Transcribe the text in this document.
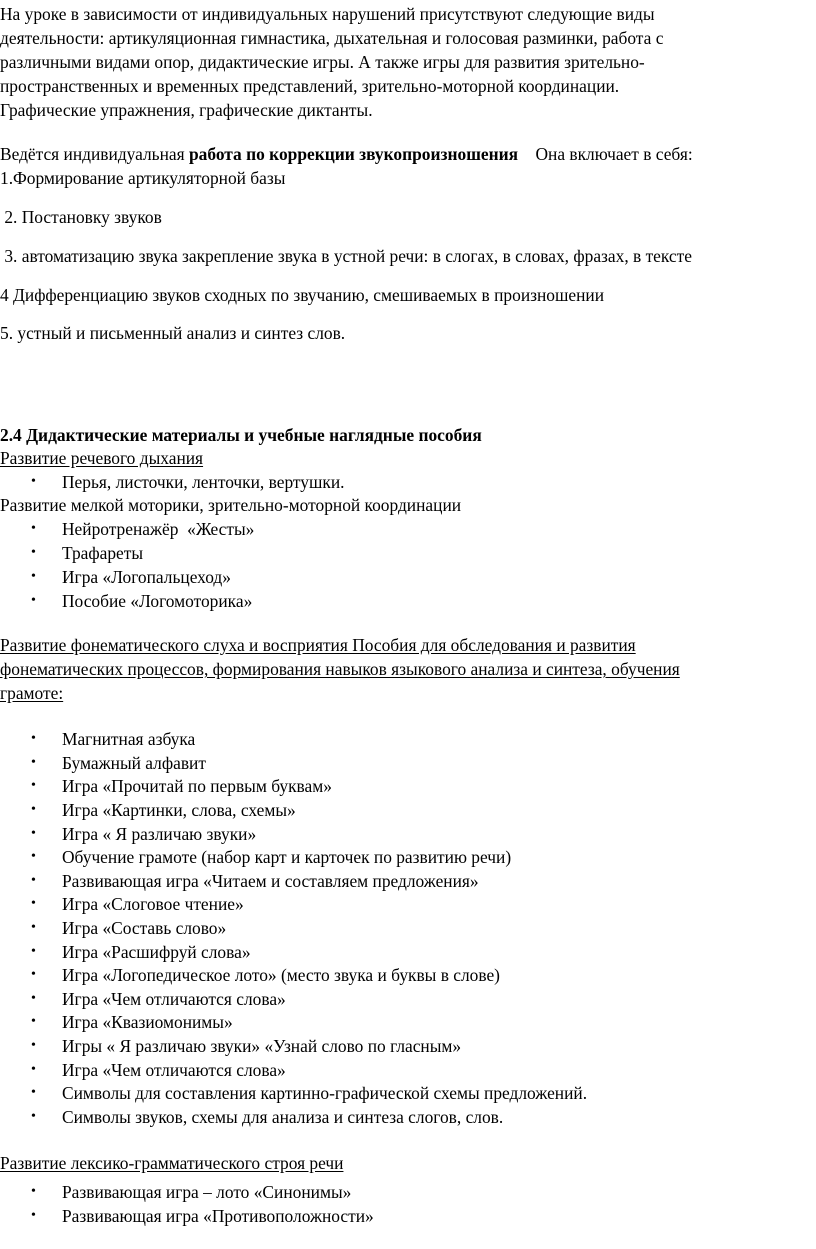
На уроке в зависимости от индивидуальных нарушений присутствуют следующие виды
деятельности: артикуляционная гимнастика, дыхательная и голосовая разминки, работа с
различными видами опор, дидактические игры. А также игры для развития зрительно-
пространственных и временных представлений, зрительно-моторной координации.
Графические упражнения, графические диктанты.
Ведётся индивидуальная работа по коррекции звукопроизношения    Она включает в себя:
1.Формирование артикуляторной базы
2. Постановку звуков
3. автоматизацию звука закрепление звука в устной речи: в слогах, в словах, фразах, в тексте
4 Дифференциацию звуков сходных по звучанию, смешиваемых в произношении
5. устный и письменный анализ и синтез слов.
2.4 Дидактические материалы и учебные наглядные пособия
Развитие речевого дыхания
• Перья, листочки, ленточки, вертушки.
Развитие мелкой моторики, зрительно-моторной координации
• Нейротренажёр  «Жесты»
• Трафареты
• Игра «Логопальцеход»
• Пособие «Логомоторика»
Развитие фонематического слуха и восприятия Пособия для обследования и развития
фонематических процессов, формирования навыков языкового анализа и синтеза, обучения
грамоте:
• Магнитная азбука
• Бумажный алфавит
• Игра «Прочитай по первым буквам»
• Игра «Картинки, слова, схемы»
• Игра « Я различаю звуки»
• Обучение грамоте (набор карт и карточек по развитию речи)
• Развивающая игра «Читаем и составляем предложения»
• Игра «Слоговое чтение»
• Игра «Составь слово»
• Игра «Расшифруй слова»
• Игра «Логопедическое лото» (место звука и буквы в слове)
• Игра «Чем отличаются слова»
• Игра «Квазиомонимы»
• Игры « Я различаю звуки» «Узнай слово по гласным»
• Игра «Чем отличаются слова»
• Символы для составления картинно-графической схемы предложений.
• Символы звуков, схемы для анализа и синтеза слогов, слов.
Развитие лексико-грамматического строя речи
• Развивающая игра – лото «Синонимы»
• Развивающая игра «Противоположности»
